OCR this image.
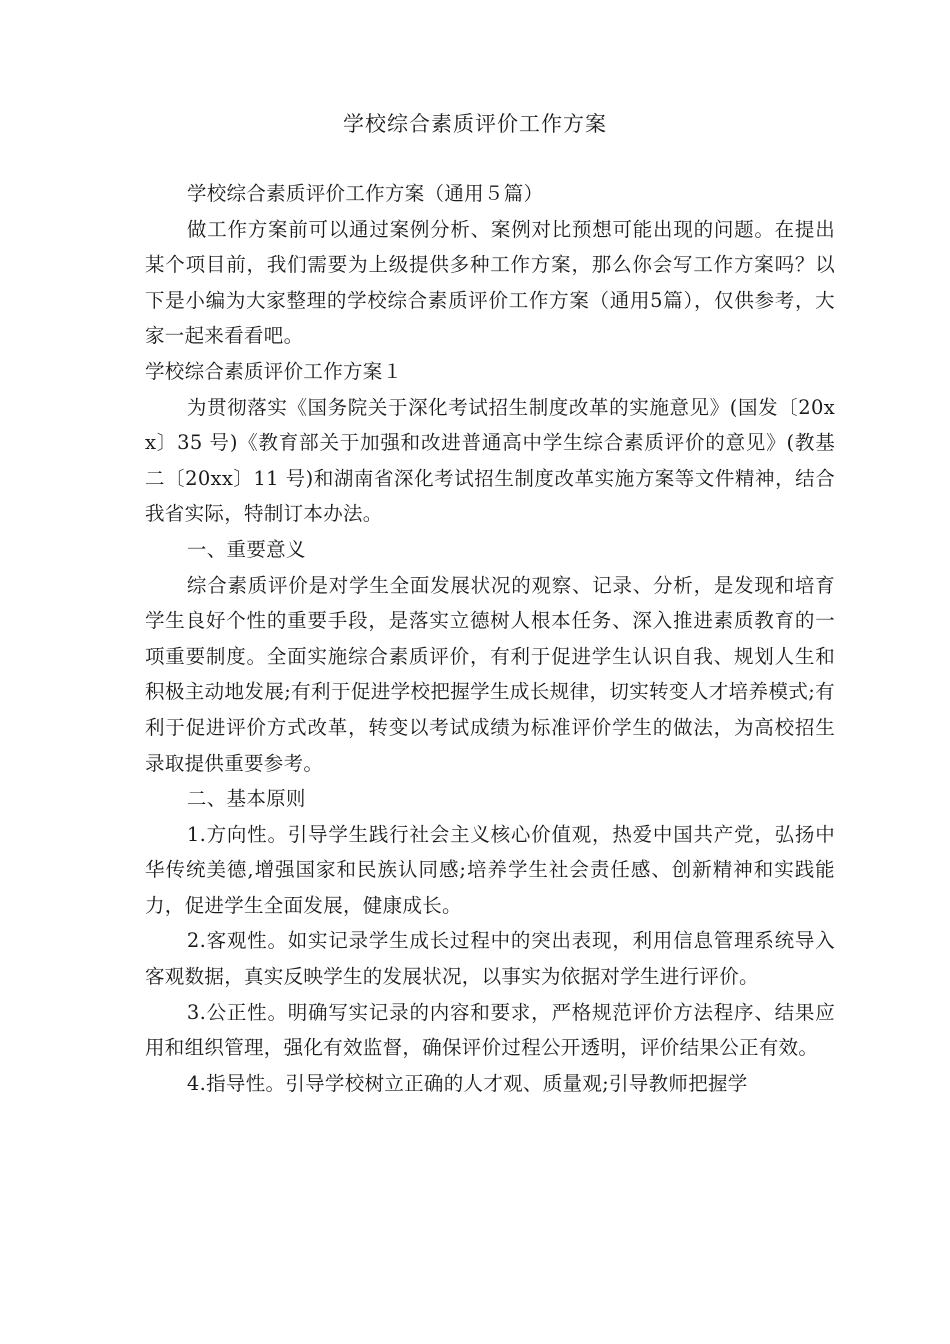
学校综合素质评价工作方案

学校综合素质评价工作方案（通用５篇）

做工作方案前可以通过案例分析、案例对比预想可能出现的问题。在提出某个项目前，我们需要为上级提供多种工作方案，那么你会写工作方案吗？以下是小编为大家整理的学校综合素质评价工作方案（通用5篇），仅供参考，大家一起来看看吧。

学校综合素质评价工作方案１

为贯彻落实《国务院关于深化考试招生制度改革的实施意见》(国发〔20xx〕35 号)《教育部关于加强和改进普通高中学生综合素质评价的意见》(教基二〔20xx〕11 号)和湖南省深化考试招生制度改革实施方案等文件精神，结合我省实际，特制订本办法。

一、重要意义

综合素质评价是对学生全面发展状况的观察、记录、分析，是发现和培育学生良好个性的重要手段，是落实立德树人根本任务、深入推进素质教育的一项重要制度。全面实施综合素质评价，有利于促进学生认识自我、规划人生和积极主动地发展;有利于促进学校把握学生成长规律，切实转变人才培养模式;有利于促进评价方式改革，转变以考试成绩为标准评价学生的做法，为高校招生录取提供重要参考。

二、基本原则

1.方向性。引导学生践行社会主义核心价值观，热爱中国共产党，弘扬中华传统美德,增强国家和民族认同感;培养学生社会责任感、创新精神和实践能力，促进学生全面发展，健康成长。

2.客观性。如实记录学生成长过程中的突出表现，利用信息管理系统导入客观数据，真实反映学生的发展状况，以事实为依据对学生进行评价。

3.公正性。明确写实记录的内容和要求，严格规范评价方法程序、结果应用和组织管理，强化有效监督，确保评价过程公开透明，评价结果公正有效。

4.指导性。引导学校树立正确的人才观、质量观;引导教师把握学
